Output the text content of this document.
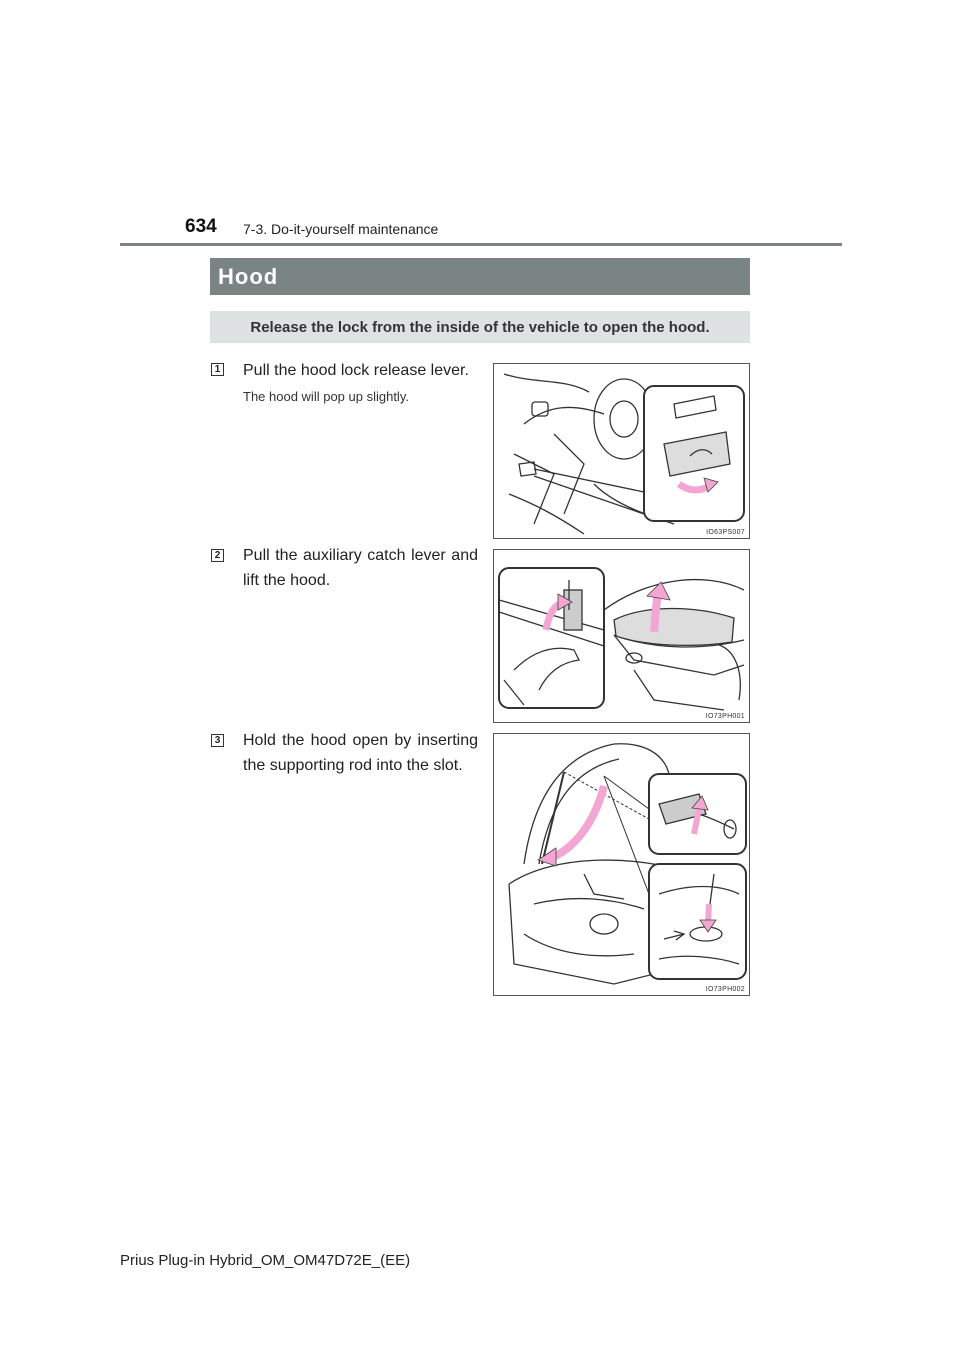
634 7-3. Do-it-yourself maintenance
Hood
Release the lock from the inside of the vehicle to open the hood.
1 Pull the hood lock release lever.
The hood will pop up slightly.
IO63PS007
2 Pull the auxiliary catch lever and lift the hood.
IO73PH001
3 Hold the hood open by inserting the supporting rod into the slot.
IO73PH002
Prius Plug-in Hybrid_OM_OM47D72E_(EE)
